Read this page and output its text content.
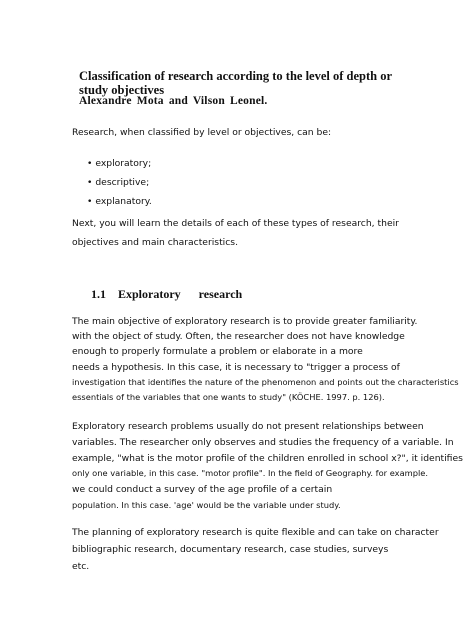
Classification of research according to the level of depth or
study objectives
Alexandre Mota and Vilson Leonel.
Research, when classified by level or objectives, can be:
• exploratory;
• descriptive;
• explanatory.
Next, you will learn the details of each of these types of research, their
objectives and main characteristics.
1.1 Exploratory research
The main objective of exploratory research is to provide greater familiarity.
with the object of study. Often, the researcher does not have knowledge
enough to properly formulate a problem or elaborate in a more
needs a hypothesis. In this case, it is necessary to "trigger a process of
investigation that identifies the nature of the phenomenon and points out the characteristics
essentials of the variables that one wants to study" (KÖCHE. 1997. p. 126).
Exploratory research problems usually do not present relationships between
variables. The researcher only observes and studies the frequency of a variable. In
example, "what is the motor profile of the children enrolled in school x?", it identifies
only one variable, in this case. "motor profile". In the field of Geography. for example.
we could conduct a survey of the age profile of a certain
population. In this case. 'age' would be the variable under study.
The planning of exploratory research is quite flexible and can take on character
bibliographic research, documentary research, case studies, surveys
etc.
